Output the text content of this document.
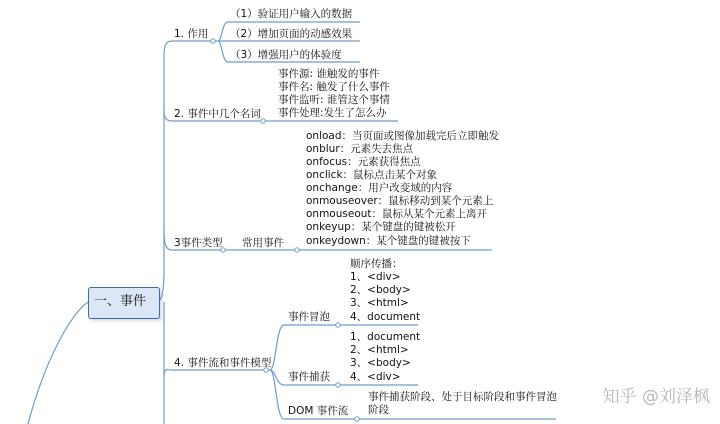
一、事件
1. 作用
（1）验证用户输入的数据
（2）增加页面的动感效果
（3）增强用户的体验度
2. 事件中几个名词
事件源: 谁触发的事件
事件名: 触发了什么事件
事件监听: 谁管这个事情
事件处理:发生了怎么办
3事件类型 常用事件
onload：当页面或图像加载完后立即触发
onblur：元素失去焦点
onfocus：元素获得焦点
onclick：鼠标点击某个对象
onchange：用户改变域的内容
onmouseover：鼠标移动到某个元素上
onmouseout：鼠标从某个元素上离开
onkeyup：某个键盘的键被松开
onkeydown：某个键盘的键被按下
4. 事件流和事件模型
事件冒泡
顺序传播：
1、<div>
2、<body>
3、<html>
4、document
事件捕获
1、document
2、<html>
3、<body>
4、<div>
DOM 事件流
事件捕获阶段、处于目标阶段和事件冒泡
阶段
知乎 @刘泽枫
